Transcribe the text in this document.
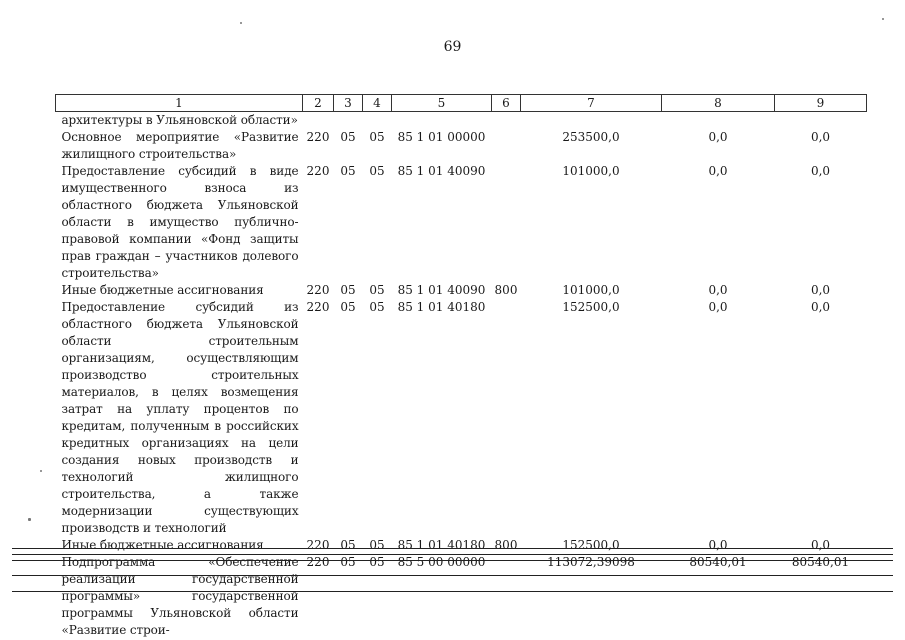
69
1	2	3	4	5	6	7	8	9
архитектуры в Ульяновской области»								
Основное мероприятие «Развитие жилищного строительства»	220	05	05	85 1 01 00000		253500,0	0,0	0,0
Предоставление субсидий в виде имущественного взноса из областного бюджета Ульяновской области в имущество публично-правовой компании «Фонд защиты прав граждан – участников долевого строительства»	220	05	05	85 1 01 40090		101000,0	0,0	0,0
Иные бюджетные ассигнования	220	05	05	85 1 01 40090	800	101000,0	0,0	0,0
Предоставление субсидий из областного бюджета Ульяновской области строительным организациям, осуществляющим производство строительных материалов, в целях возмещения затрат на уплату процентов по кредитам, полученным в российских кредитных организациях на цели создания новых производств и технологий жилищного строительства, а также модернизации существующих производств и технологий	220	05	05	85 1 01 40180		152500,0	0,0	0,0
Иные бюджетные ассигнования	220	05	05	85 1 01 40180	800	152500,0	0,0	0,0
Подпрограмма «Обеспечение реализации государственной программы» государственной программы Ульяновской области «Развитие строи-	220	05	05	85 5 00 00000		113072,39098	80540,01	80540,01
